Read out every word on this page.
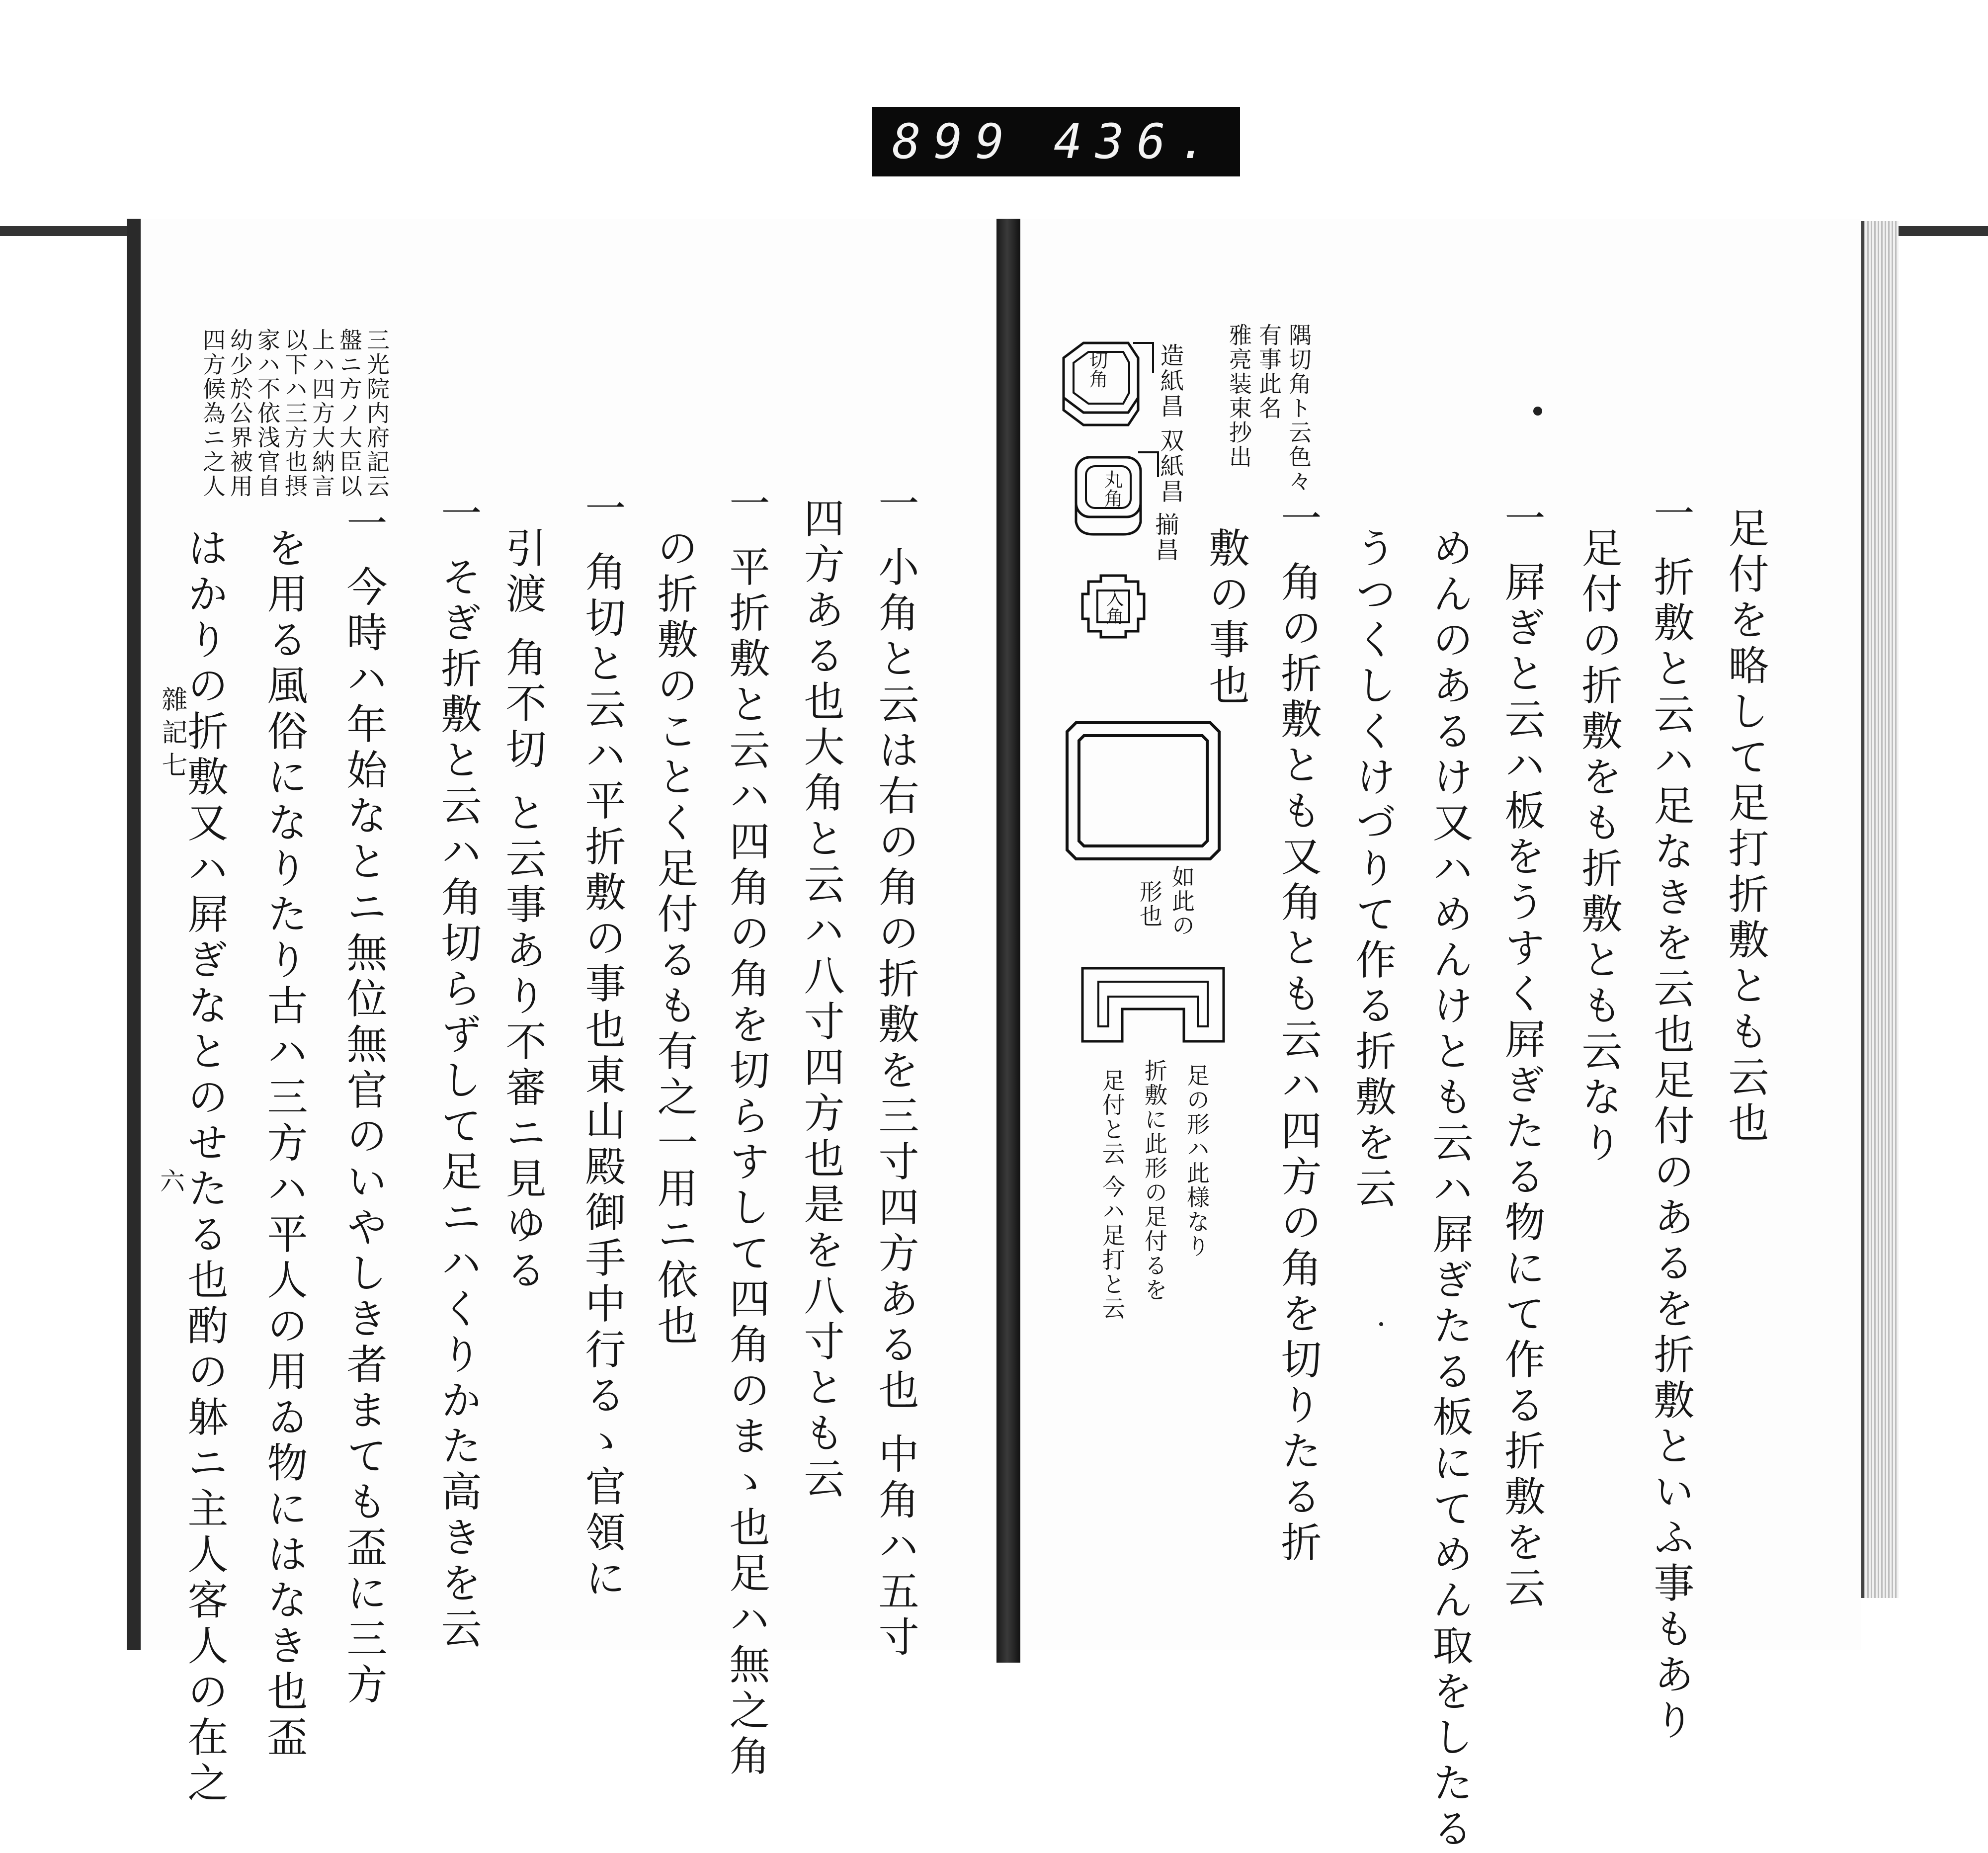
899 436.
三光院内府記云
盤ニ方ノ大臣以
上ハ四方大納言
以下ハ三方也摂
家ハ不依浅官自
幼少於公界被用
四方候為ニ之人
一 小角と云は右の角の折敷を三寸四方ある也 中角ハ五寸
四方ある也大角と云ハ八寸四方也是を八寸とも云
一 平折敷と云ハ四角の角を切らすして四角のまゝ也足ハ無之角
の折敷のことく足付るも有之一用ニ依也
一 角切と云ハ平折敷の事也東山殿御手中行るゝ官領に
引渡 角不切 と云事あり不審ニ見ゆる
一 そぎ折敷と云ハ角切らずして足ニハくりかた高きを云
一 今時ハ年始なとニ無位無官のいやしき者まても盃に三方
を用る風俗になりたり古ハ三方ハ平人の用ゐ物にはなき也盃
はかりの折敷又ハ屛ぎなとのせたる也酌の躰ニ主人客人の在之
雜記七
六
足付を略して足打折敷とも云也
一 折敷と云ハ足なきを云也足付のあるを折敷といふ事もあり
足付の折敷をも折敷とも云なり
一 屛ぎと云ハ板をうすく屛ぎたる物にて作る折敷を云
めんのあるけ又ハめんけとも云ハ屛ぎたる板にてめん取をしたる
うつくしくけづりて作る折敷を云
一 角の折敷とも又角とも云ハ四方の角を切りたる折
敷の事也
隅切角ト云色々
有事此名
雅亮装束抄出
切角 造紙昌 双紙昌
丸角
揃昌
入角
如此の
形也
足の形ハ此様なり
折敷に此形の足付るを
足付と云 今ハ足打と云
